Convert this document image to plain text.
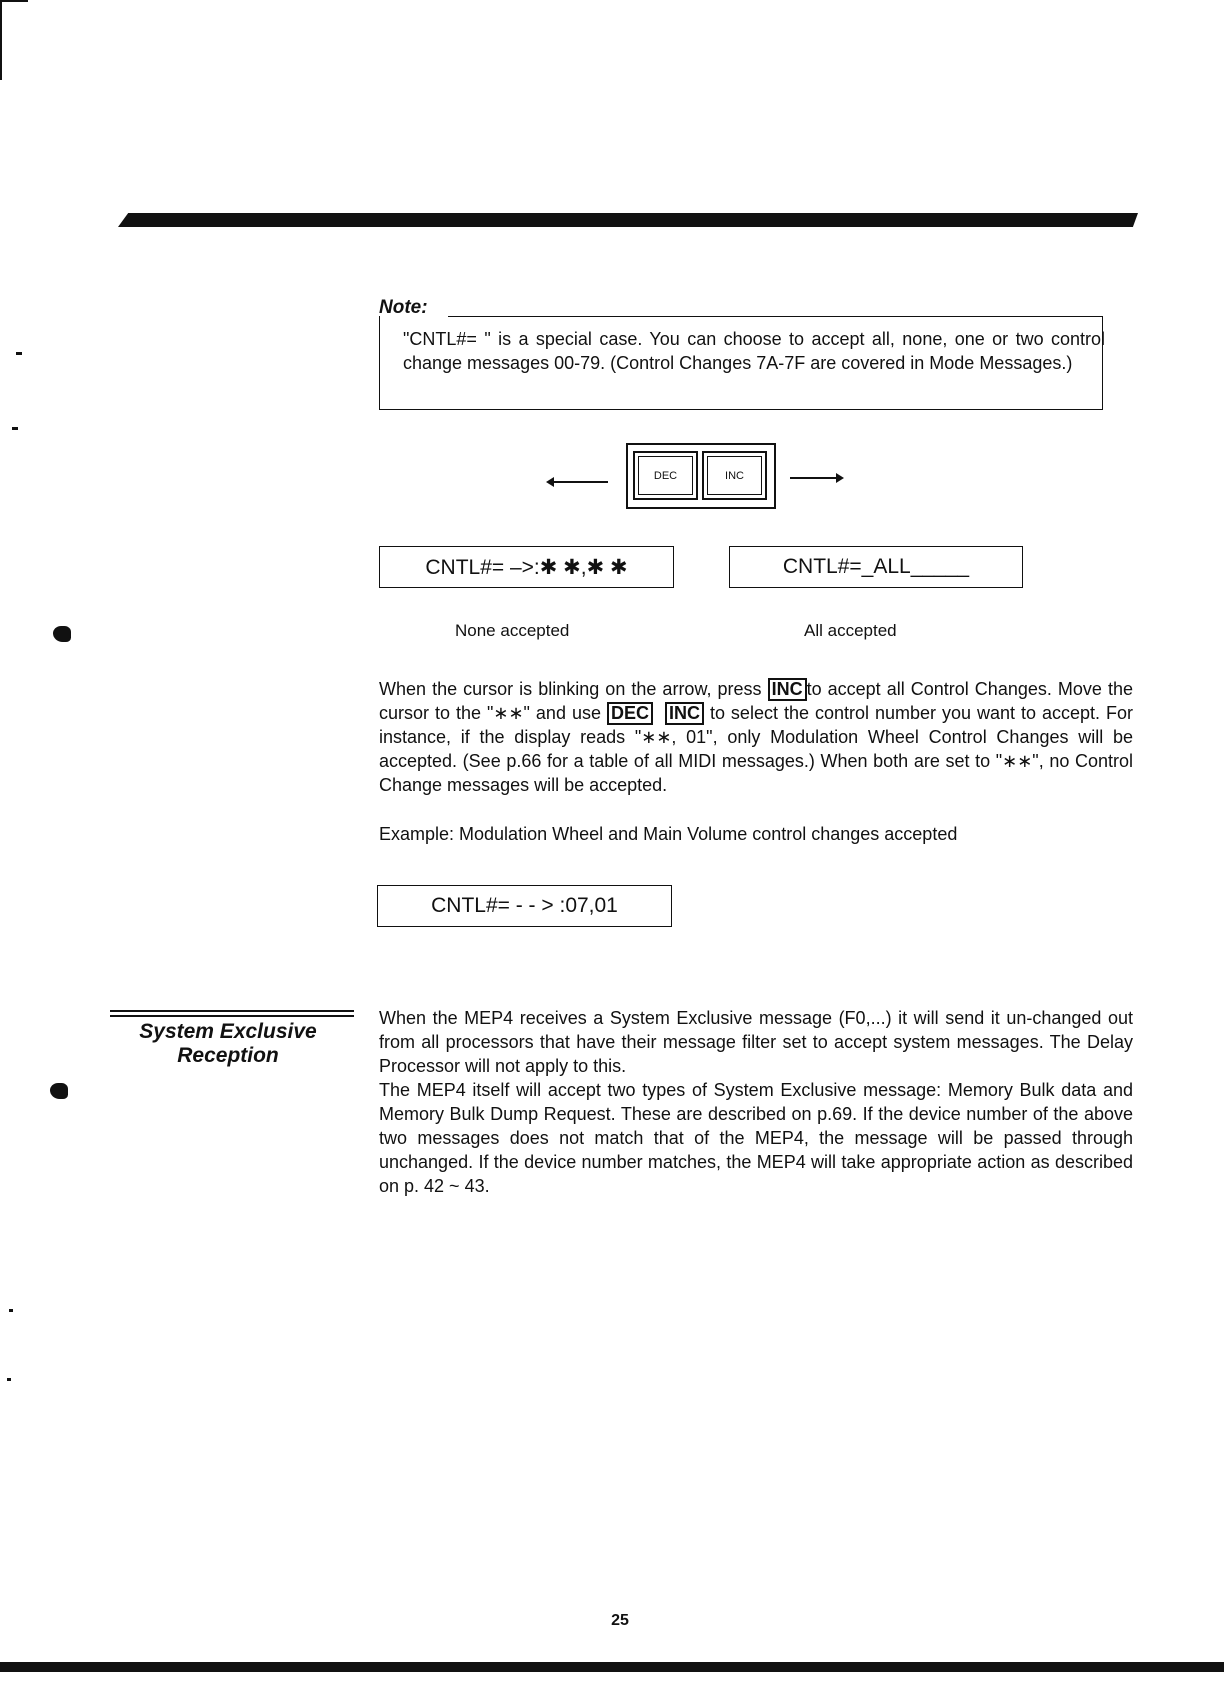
Note:
"CNTL#= " is a special case. You can choose to accept all, none, one or two control change messages 00-79. (Control Changes 7A-7F are covered in Mode Messages.)
DEC	INC
CNTL#= –>:✱ ✱,✱ ✱	CNTL#=_ALL_____
None accepted	All accepted
When the cursor is blinking on the arrow, press INC to accept all Control Changes. Move the cursor to the "∗∗" and use DEC INC to select the control number you want to accept. For instance, if the display reads "∗∗, 01", only Modulation Wheel Control Changes will be accepted. (See p.66 for a table of all MIDI messages.) When both are set to "∗∗", no Control Change messages will be accepted.
Example: Modulation Wheel and Main Volume control changes accepted
CNTL#= - - > :07,01
System Exclusive
Reception
When the MEP4 receives a System Exclusive message (F0,...) it will send it un-changed out from all processors that have their message filter set to accept system messages. The Delay Processor will not apply to this.
The MEP4 itself will accept two types of System Exclusive message: Memory Bulk data and Memory Bulk Dump Request. These are described on p.69. If the device number of the above two messages does not match that of the MEP4, the message will be passed through unchanged. If the device number matches, the MEP4 will take appropriate action as described on p. 42 ~ 43.
25
